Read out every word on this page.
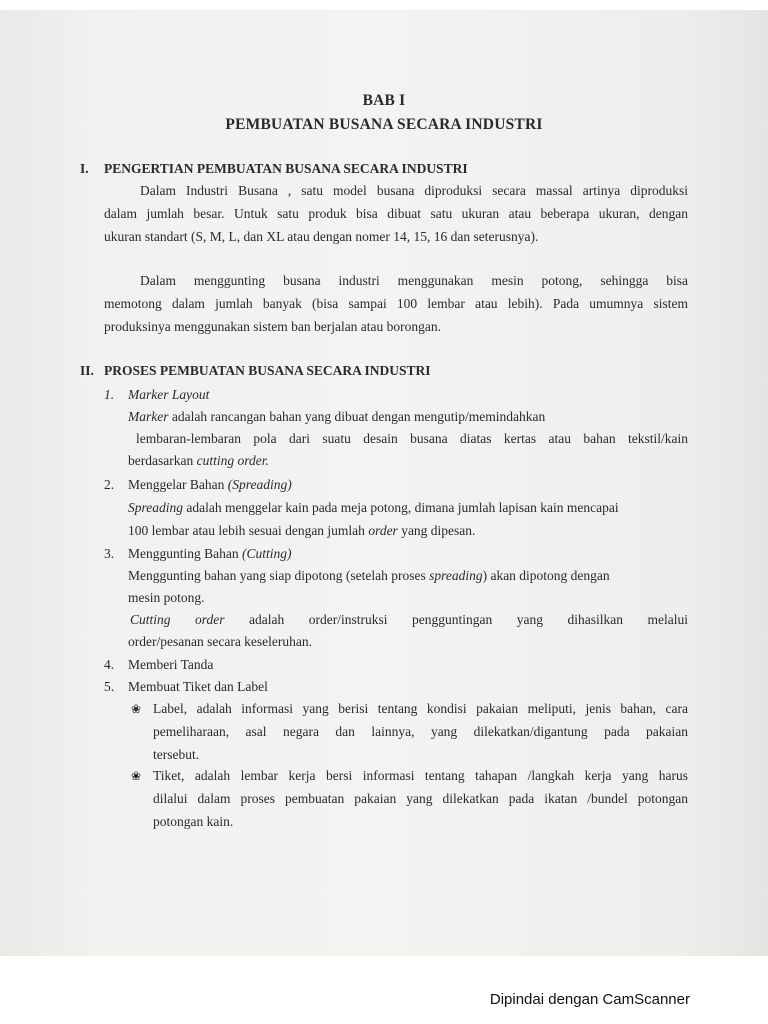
BAB I
PEMBUATAN BUSANA SECARA INDUSTRI
I. PENGERTIAN PEMBUATAN BUSANA SECARA INDUSTRI
Dalam Industri Busana , satu model busana diproduksi secara massal artinya diproduksi
dalam jumlah besar. Untuk satu produk bisa dibuat satu ukuran atau beberapa ukuran, dengan
ukuran standart (S, M, L, dan XL atau dengan nomer 14, 15, 16 dan seterusnya).
Dalam menggunting busana industri menggunakan mesin potong, sehingga bisa
memotong dalam jumlah banyak (bisa sampai 100 lembar atau lebih). Pada umumnya sistem
produksinya menggunakan sistem ban berjalan atau borongan.
II. PROSES PEMBUATAN BUSANA SECARA INDUSTRI
1. Marker Layout
Marker adalah rancangan bahan yang dibuat dengan mengutip/memindahkan
lembaran-lembaran pola dari suatu desain busana diatas kertas atau bahan tekstil/kain
berdasarkan cutting order.
2. Menggelar Bahan (Spreading)
Spreading adalah menggelar kain pada meja potong, dimana jumlah lapisan kain mencapai
100 lembar atau lebih sesuai dengan jumlah order yang dipesan.
3. Menggunting Bahan (Cutting)
Menggunting bahan yang siap dipotong (setelah proses spreading) akan dipotong dengan
mesin potong.
Cutting order adalah order/instruksi pengguntingan yang dihasilkan melalui
order/pesanan secara keseleruhan.
4. Memberi Tanda
5. Membuat Tiket dan Label
❀ Label, adalah informasi yang berisi tentang kondisi pakaian meliputi, jenis bahan, cara
pemeliharaan, asal negara dan lainnya, yang dilekatkan/digantung pada pakaian
tersebut.
❀ Tiket, adalah lembar kerja bersi informasi tentang tahapan /langkah kerja yang harus
dilalui dalam proses pembuatan pakaian yang dilekatkan pada ikatan /bundel potongan
potongan kain.
Dipindai dengan CamScanner
